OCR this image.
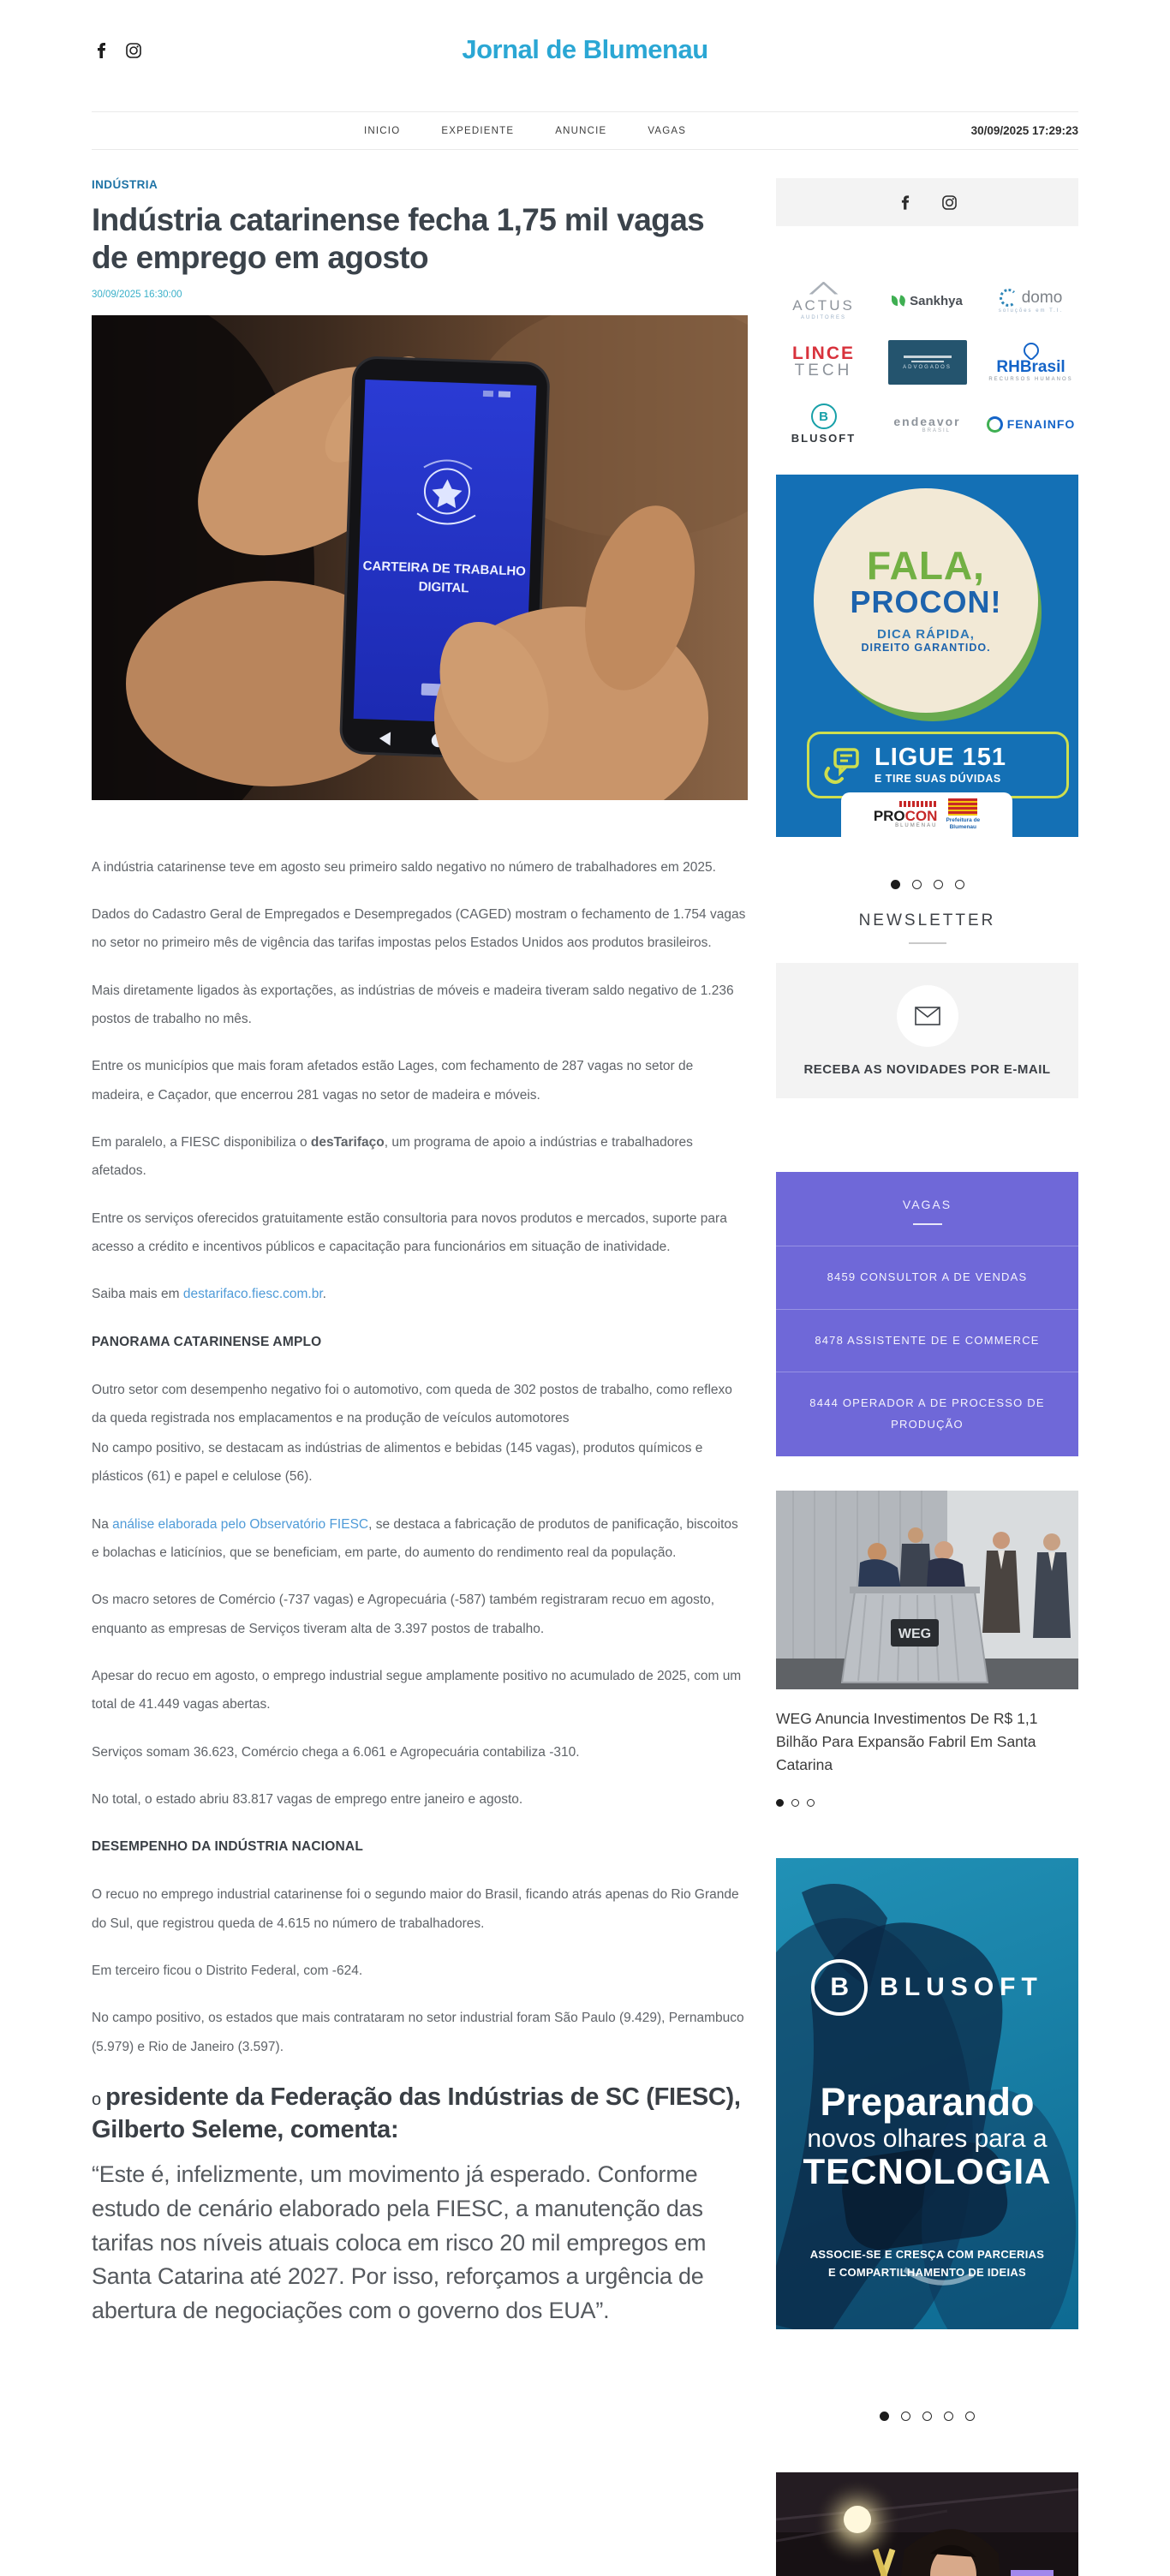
Jornal de Blumenau
INICIO	EXPEDIENTE	ANUNCIE	VAGAS	30/09/2025 17:29:23
INDÚSTRIA
Indústria catarinense fecha 1,75 mil vagas de emprego em agosto
30/09/2025 16:30:00
CARTEIRA DE TRABALHO
DIGITAL

A indústria catarinense teve em agosto seu primeiro saldo negativo no número de trabalhadores em 2025.

Dados do Cadastro Geral de Empregados e Desempregados (CAGED) mostram o fechamento de 1.754 vagas no setor no primeiro mês de vigência das tarifas impostas pelos Estados Unidos aos produtos brasileiros.

Mais diretamente ligados às exportações, as indústrias de móveis e madeira tiveram saldo negativo de 1.236 postos de trabalho no mês.

Entre os municípios que mais foram afetados estão Lages, com fechamento de 287 vagas no setor de madeira, e Caçador, que encerrou 281 vagas no setor de madeira e móveis.

Em paralelo, a FIESC disponibiliza o desTarifaço, um programa de apoio a indústrias e trabalhadores afetados.

Entre os serviços oferecidos gratuitamente estão consultoria para novos produtos e mercados, suporte para acesso a crédito e incentivos públicos e capacitação para funcionários em situação de inatividade.

Saiba mais em destarifaco.fiesc.com.br.

PANORAMA CATARINENSE AMPLO

Outro setor com desempenho negativo foi o automotivo, com queda de 302 postos de trabalho, como reflexo da queda registrada nos emplacamentos e na produção de veículos automotores

No campo positivo, se destacam as indústrias de alimentos e bebidas (145 vagas), produtos químicos e plásticos (61) e papel e celulose (56).

Na análise elaborada pelo Observatório FIESC, se destaca a fabricação de produtos de panificação, biscoitos e bolachas e laticínios, que se beneficiam, em parte, do aumento do rendimento real da população.

Os macro setores de Comércio (-737 vagas) e Agropecuária (-587) também registraram recuo em agosto, enquanto as empresas de Serviços tiveram alta de 3.397 postos de trabalho.

Apesar do recuo em agosto, o emprego industrial segue amplamente positivo no acumulado de 2025, com um total de 41.449 vagas abertas.

Serviços somam 36.623, Comércio chega a 6.061 e Agropecuária contabiliza -310.

No total, o estado abriu 83.817 vagas de emprego entre janeiro e agosto.

DESEMPENHO DA INDÚSTRIA NACIONAL

O recuo no emprego industrial catarinense foi o segundo maior do Brasil, ficando atrás apenas do Rio Grande do Sul, que registrou queda de 4.615 no número de trabalhadores.

Em terceiro ficou o Distrito Federal, com -624.

No campo positivo, os estados que mais contrataram no setor industrial foram São Paulo (9.429), Pernambuco (5.979) e Rio de Janeiro (3.597).

o presidente da Federação das Indústrias de SC (FIESC), Gilberto Seleme, comenta:

“Este é, infelizmente, um movimento já esperado. Conforme estudo de cenário elaborado pela FIESC, a manutenção das tarifas nos níveis atuais coloca em risco 20 mil empregos em Santa Catarina até 2027. Por isso, reforçamos a urgência de abertura de negociações com o governo dos EUA”.

ACTUS
AUDITORES
Sankhya	domo
soluções em T.I.
LINCE
TECH	ADVOGADOS	RHBrasil
RECURSOS HUMANOS
B
BLUSOFT
endeavor
BRASIL	FENAINFO
FALA,
PROCON!
DICA RÁPIDA,
DIREITO GARANTIDO.
LIGUE 151
E TIRE SUAS DÚVIDAS
PROCON
BLUMENAU
Prefeitura de
Blumenau
NEWSLETTER
RECEBA AS NOVIDADES POR E-MAIL
VAGAS
8459 CONSULTOR A DE VENDAS
8478 ASSISTENTE DE E COMMERCE
8444 OPERADOR A DE PROCESSO DE PRODUÇÃO
WEG
WEG Anuncia Investimentos De R$ 1,1 Bilhão Para Expansão Fabril Em Santa Catarina
B	BLUSOFT
Preparando
novos olhares para a
TECNOLOGIA
ASSOCIE-SE E CRESÇA COM PARCERIAS
E COMPARTILHAMENTO DE IDEIAS
